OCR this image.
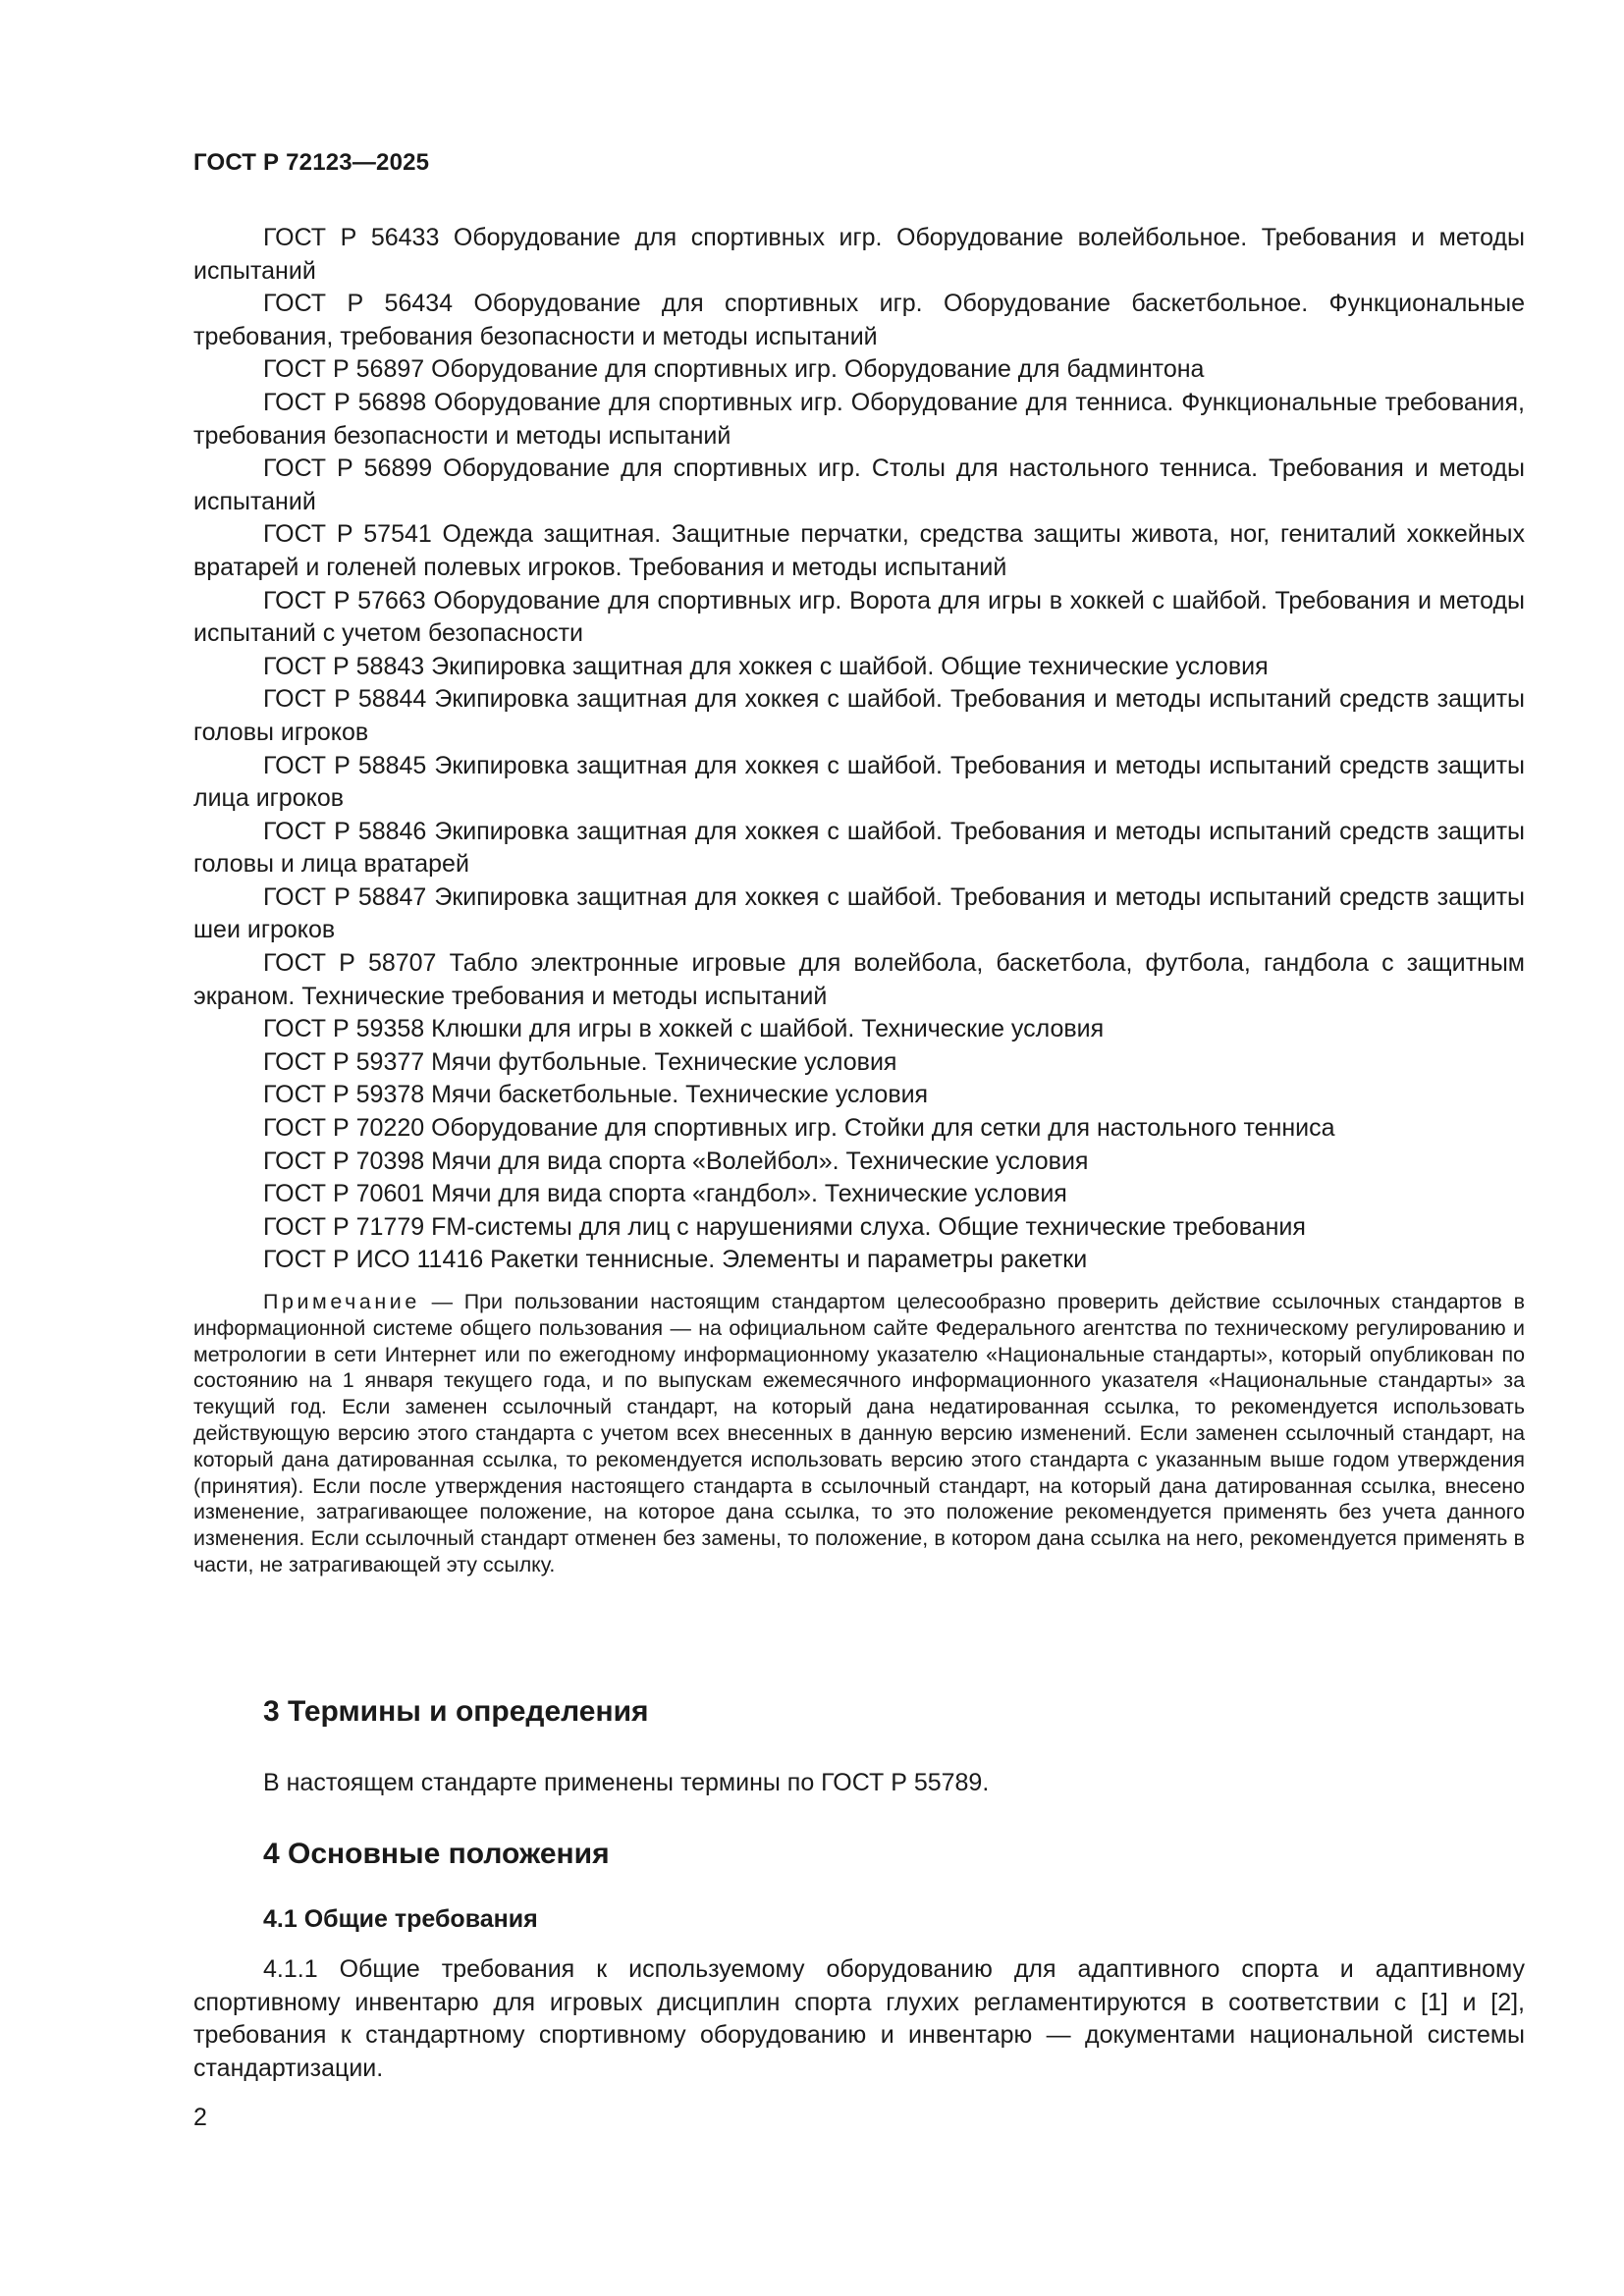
ГОСТ Р 72123—2025

ГОСТ Р 56433 Оборудование для спортивных игр. Оборудование волейбольное. Требования и методы испытаний

ГОСТ Р 56434 Оборудование для спортивных игр. Оборудование баскетбольное. Функциональные требования, требования безопасности и методы испытаний

ГОСТ Р 56897 Оборудование для спортивных игр. Оборудование для бадминтона

ГОСТ Р 56898 Оборудование для спортивных игр. Оборудование для тенниса. Функциональные требования, требования безопасности и методы испытаний

ГОСТ Р 56899 Оборудование для спортивных игр. Столы для настольного тенниса. Требования и методы испытаний

ГОСТ Р 57541 Одежда защитная. Защитные перчатки, средства защиты живота, ног, гениталий хоккейных вратарей и голеней полевых игроков. Требования и методы испытаний

ГОСТ Р 57663 Оборудование для спортивных игр. Ворота для игры в хоккей с шайбой. Требования и методы испытаний с учетом безопасности

ГОСТ Р 58843 Экипировка защитная для хоккея с шайбой. Общие технические условия

ГОСТ Р 58844 Экипировка защитная для хоккея с шайбой. Требования и методы испытаний средств защиты головы игроков

ГОСТ Р 58845 Экипировка защитная для хоккея с шайбой. Требования и методы испытаний средств защиты лица игроков

ГОСТ Р 58846 Экипировка защитная для хоккея с шайбой. Требования и методы испытаний средств защиты головы и лица вратарей

ГОСТ Р 58847 Экипировка защитная для хоккея с шайбой. Требования и методы испытаний средств защиты шеи игроков

ГОСТ Р 58707 Табло электронные игровые для волейбола, баскетбола, футбола, гандбола с защитным экраном. Технические требования и методы испытаний

ГОСТ Р 59358 Клюшки для игры в хоккей с шайбой. Технические условия

ГОСТ Р 59377 Мячи футбольные. Технические условия

ГОСТ Р 59378 Мячи баскетбольные. Технические условия

ГОСТ Р 70220 Оборудование для спортивных игр. Стойки для сетки для настольного тенниса

ГОСТ Р 70398 Мячи для вида спорта «Волейбол». Технические условия

ГОСТ Р 70601 Мячи для вида спорта «гандбол». Технические условия

ГОСТ Р 71779 FM-системы для лиц с нарушениями слуха. Общие технические требования

ГОСТ Р ИСО 11416 Ракетки теннисные. Элементы и параметры ракетки

Примечание — При пользовании настоящим стандартом целесообразно проверить действие ссылочных стандартов в информационной системе общего пользования — на официальном сайте Федерального агентства по техническому регулированию и метрологии в сети Интернет или по ежегодному информационному указателю «Национальные стандарты», который опубликован по состоянию на 1 января текущего года, и по выпускам ежемесячного информационного указателя «Национальные стандарты» за текущий год. Если заменен ссылочный стандарт, на который дана недатированная ссылка, то рекомендуется использовать действующую версию этого стандарта с учетом всех внесенных в данную версию изменений. Если заменен ссылочный стандарт, на который дана датированная ссылка, то рекомендуется использовать версию этого стандарта с указанным выше годом утверждения (принятия). Если после утверждения настоящего стандарта в ссылочный стандарт, на который дана датированная ссылка, внесено изменение, затрагивающее положение, на которое дана ссылка, то это положение рекомендуется применять без учета данного изменения. Если ссылочный стандарт отменен без замены, то положение, в котором дана ссылка на него, рекомендуется применять в части, не затрагивающей эту ссылку.

3 Термины и определения

В настоящем стандарте применены термины по ГОСТ Р 55789.

4 Основные положения
4.1 Общие требования

4.1.1 Общие требования к используемому оборудованию для адаптивного спорта и адаптивному спортивному инвентарю для игровых дисциплин спорта глухих регламентируются в соответствии с [1] и [2], требования к стандартному спортивному оборудованию и инвентарю — документами национальной системы стандартизации.

2
